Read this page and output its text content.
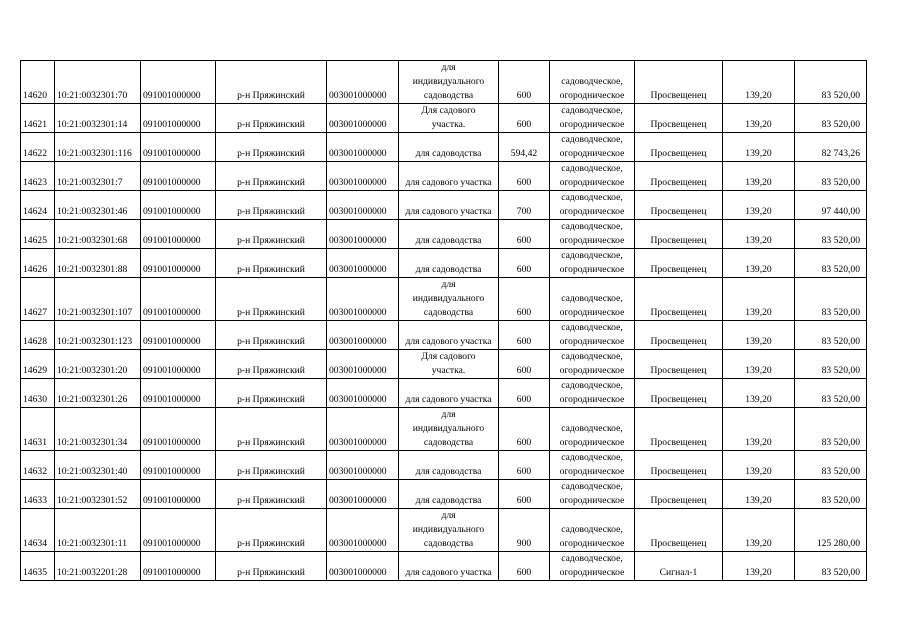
14620	10:21:0032301:70	091001000000	р-н Пряжинский	003001000000	для
индивидуального
садоводства	600	садоводческое,
огородническое	Просвещенец	139,20	83 520,00
14621	10:21:0032301:14	091001000000	р-н Пряжинский	003001000000	Для садового
участка.	600	садоводческое,
огородническое	Просвещенец	139,20	83 520,00
14622	10:21:0032301:116	091001000000	р-н Пряжинский	003001000000	для садоводства	594,42	садоводческое,
огородническое	Просвещенец	139,20	82 743,26
14623	10:21:0032301:7	091001000000	р-н Пряжинский	003001000000	для садового участка	600	садоводческое,
огородническое	Просвещенец	139,20	83 520,00
14624	10:21:0032301:46	091001000000	р-н Пряжинский	003001000000	для садового участка	700	садоводческое,
огородническое	Просвещенец	139,20	97 440,00
14625	10:21:0032301:68	091001000000	р-н Пряжинский	003001000000	для садоводства	600	садоводческое,
огородническое	Просвещенец	139,20	83 520,00
14626	10:21:0032301:88	091001000000	р-н Пряжинский	003001000000	для садоводства	600	садоводческое,
огородническое	Просвещенец	139,20	83 520,00
14627	10:21:0032301:107	091001000000	р-н Пряжинский	003001000000	для
индивидуального
садоводства	600	садоводческое,
огородническое	Просвещенец	139,20	83 520,00
14628	10:21:0032301:123	091001000000	р-н Пряжинский	003001000000	для садового участка	600	садоводческое,
огородническое	Просвещенец	139,20	83 520,00
14629	10:21:0032301:20	091001000000	р-н Пряжинский	003001000000	Для садового
участка.	600	садоводческое,
огородническое	Просвещенец	139,20	83 520,00
14630	10:21:0032301:26	091001000000	р-н Пряжинский	003001000000	для садового участка	600	садоводческое,
огородническое	Просвещенец	139,20	83 520,00
14631	10:21:0032301:34	091001000000	р-н Пряжинский	003001000000	для
индивидуального
садоводства	600	садоводческое,
огородническое	Просвещенец	139,20	83 520,00
14632	10:21:0032301:40	091001000000	р-н Пряжинский	003001000000	для садоводства	600	садоводческое,
огородническое	Просвещенец	139,20	83 520,00
14633	10:21:0032301:52	091001000000	р-н Пряжинский	003001000000	для садоводства	600	садоводческое,
огородническое	Просвещенец	139,20	83 520,00
14634	10:21:0032301:11	091001000000	р-н Пряжинский	003001000000	для
индивидуального
садоводства	900	садоводческое,
огородническое	Просвещенец	139,20	125 280,00
14635	10:21:0032201:28	091001000000	р-н Пряжинский	003001000000	для садового участка	600	садоводческое,
огородническое	Сигнал-1	139,20	83 520,00
